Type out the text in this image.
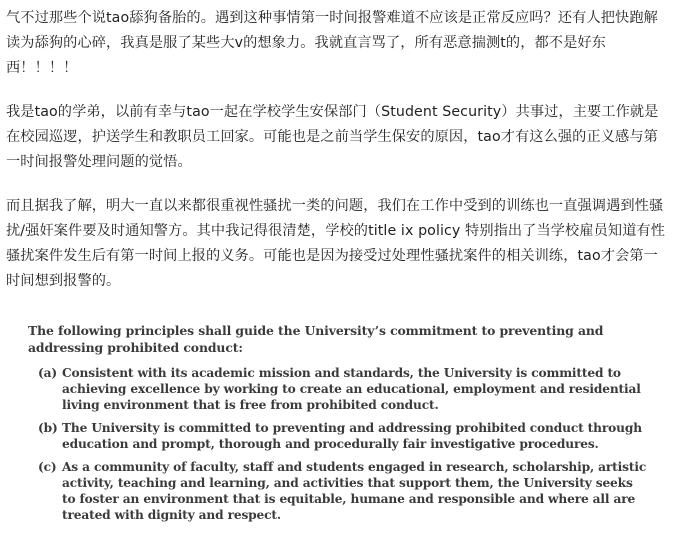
气不过那些个说tao舔狗备胎的。遇到这种事情第一时间报警难道不应该是正常反应吗？还有人把快跑解读为舔狗的心碎，我真是服了某些大v的想象力。我就直言骂了，所有恶意揣测t的，都不是好东西！！！！

我是tao的学弟，以前有幸与tao一起在学校学生安保部门（Student Security）共事过，主要工作就是在校园巡逻，护送学生和教职员工回家。可能也是之前当学生保安的原因，tao才有这么强的正义感与第一时间报警处理问题的觉悟。

而且据我了解，明大一直以来都很重视性骚扰一类的问题，我们在工作中受到的训练也一直强调遇到性骚扰/强奸案件要及时通知警方。其中我记得很清楚，学校的title ix policy 特别指出了当学校雇员知道有性骚扰案件发生后有第一时间上报的义务。可能也是因为接受过处理性骚扰案件的相关训练，tao才会第一时间想到报警的。

The following principles shall guide the University’s commitment to preventing and addressing prohibited conduct:

(a) Consistent with its academic mission and standards, the University is committed to achieving excellence by working to create an educational, employment and residential living environment that is free from prohibited conduct.
(b) The University is committed to preventing and addressing prohibited conduct through education and prompt, thorough and procedurally fair investigative procedures.
(c) As a community of faculty, staff and students engaged in research, scholarship, artistic activity, teaching and learning, and activities that support them, the University seeks to foster an environment that is equitable, humane and responsible and where all are treated with dignity and respect.
